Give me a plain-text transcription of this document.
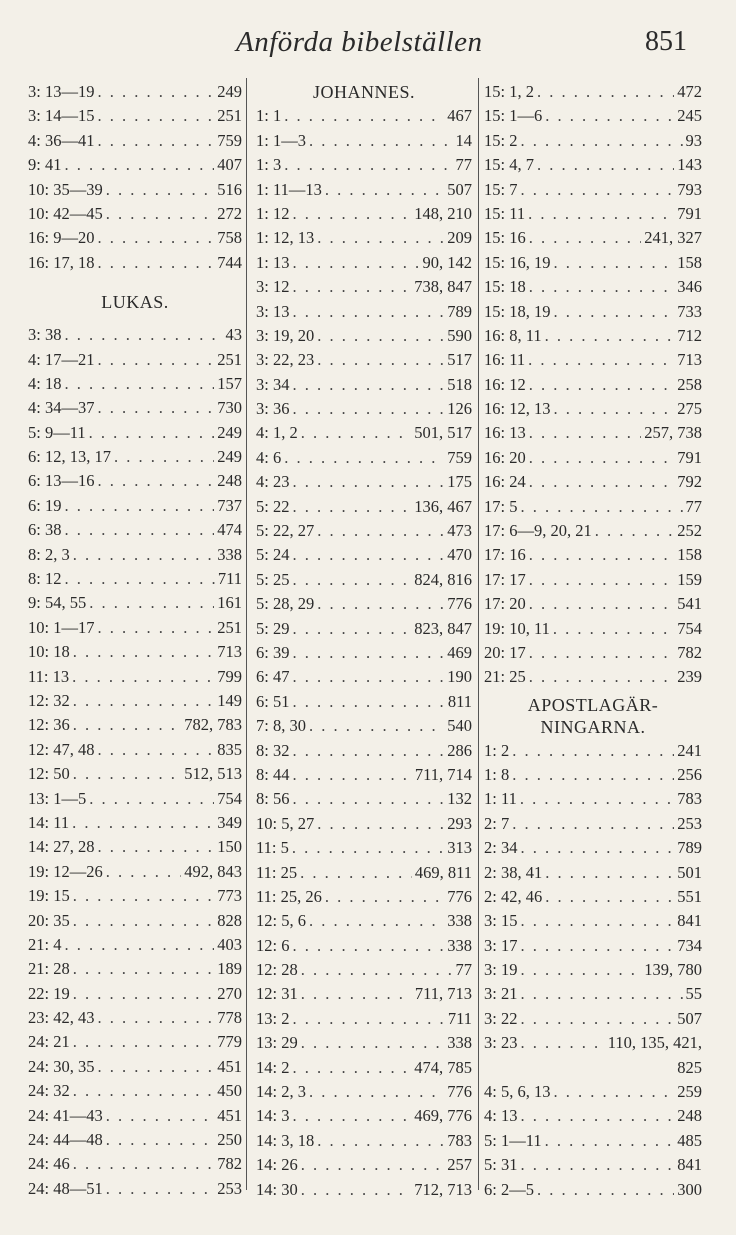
Anförda bibelställen	851
3: 13—19 . . .	249
3: 14—15 . . .	251
4: 36—41 . . .	759
9: 41 . . .	407
10: 35—39 . . .	516
10: 42—45 . . .	272
16: 9—20 . . .	758
16: 17, 18 . . .	744
LUKAS.
3: 38 . . .	43
4: 17—21 . . .	251
4: 18 . . .	157
4: 34—37 . . .	730
5: 9—11 . . .	249
6: 12, 13, 17 . . .	249
6: 13—16 . . .	248
6: 19 . . .	737
6: 38 . . .	474
8: 2, 3 . . .	338
8: 12 . . .	711
9: 54, 55 . . .	161
10: 1—17 . . .	251
10: 18 . . .	713
11: 13 . . .	799
12: 32 . . .	149
12: 36 . . .	782, 783
12: 47, 48 . . .	835
12: 50 . . .	512, 513
13: 1—5 . . .	754
14: 11 . . .	349
14: 27, 28 . . .	150
19: 12—26 . . .	492, 843
19: 15 . . .	773
20: 35 . . .	828
21: 4 . . .	403
21: 28 . . .	189
22: 19 . . .	270
23: 42, 43 . . .	778
24: 21 . . .	779
24: 30, 35 . . .	451
24: 32 . . .	450
24: 41—43 . . .	451
24: 44—48 . . .	250
24: 46 . . .	782
24: 48—51 . . .	253
JOHANNES.
1: 1 . . .	467
1: 1—3 . . .	14
1: 3 . . .	77
1: 11—13 . . .	507
1: 12 . . .	148, 210
1: 12, 13 . . .	209
1: 13 . . .	90, 142
3: 12 . . .	738, 847
3: 13 . . .	789
3: 19, 20 . . .	590
3: 22, 23 . . .	517
3: 34 . . .	518
3: 36 . . .	126
4: 1, 2 . . .	501, 517
4: 6 . . .	759
4: 23 . . .	175
5: 22 . . .	136, 467
5: 22, 27 . . .	473
5: 24 . . .	470
5: 25 . . .	824, 816
5: 28, 29 . . .	776
5: 29 . . .	823, 847
6: 39 . . .	469
6: 47 . . .	190
6: 51 . . .	811
7: 8, 30 . . .	540
8: 32 . . .	286
8: 44 . . .	711, 714
8: 56 . . .	132
10: 5, 27 . . .	293
11: 5 . . .	313
11: 25 . . .	469, 811
11: 25, 26 . . .	776
12: 5, 6 . . .	338
12: 6 . . .	338
12: 28 . . .	77
12: 31 . . .	711, 713
13: 2 . . .	711
13: 29 . . .	338
14: 2 . . .	474, 785
14: 2, 3 . . .	776
14: 3 . . .	469, 776
14: 3, 18 . . .	783
14: 26 . . .	257
14: 30 . . .	712, 713
15: 1, 2 . . .	472
15: 1—6 . . .	245
15: 2 . . .	93
15: 4, 7 . . .	143
15: 7 . . .	793
15: 11 . . .	791
15: 16 . . .	241, 327
15: 16, 19 . . .	158
15: 18 . . .	346
15: 18, 19 . . .	733
16: 8, 11 . . .	712
16: 11 . . .	713
16: 12 . . .	258
16: 12, 13 . . .	275
16: 13 . . .	257, 738
16: 20 . . .	791
16: 24 . . .	792
17: 5 . . .	77
17: 6—9, 20, 21 . . .	252
17: 16 . . .	158
17: 17 . . .	159
17: 20 . . .	541
19: 10, 11 . . .	754
20: 17 . . .	782
21: 25 . . .	239
APOSTLAGÄR-
NINGARNA.
1: 2 . . .	241
1: 8 . . .	256
1: 11 . . .	783
2: 7 . . .	253
2: 34 . . .	789
2: 38, 41 . . .	501
2: 42, 46 . . .	551
3: 15 . . .	841
3: 17 . . .	734
3: 19 . . .	139, 780
3: 21 . . .	55
3: 22 . . .	507
3: 23 . . .	110, 135, 421,
825
4: 5, 6, 13 . . .	259
4: 13 . . .	248
5: 1—11 . . .	485
5: 31 . . .	841
6: 2—5 . . .	300
